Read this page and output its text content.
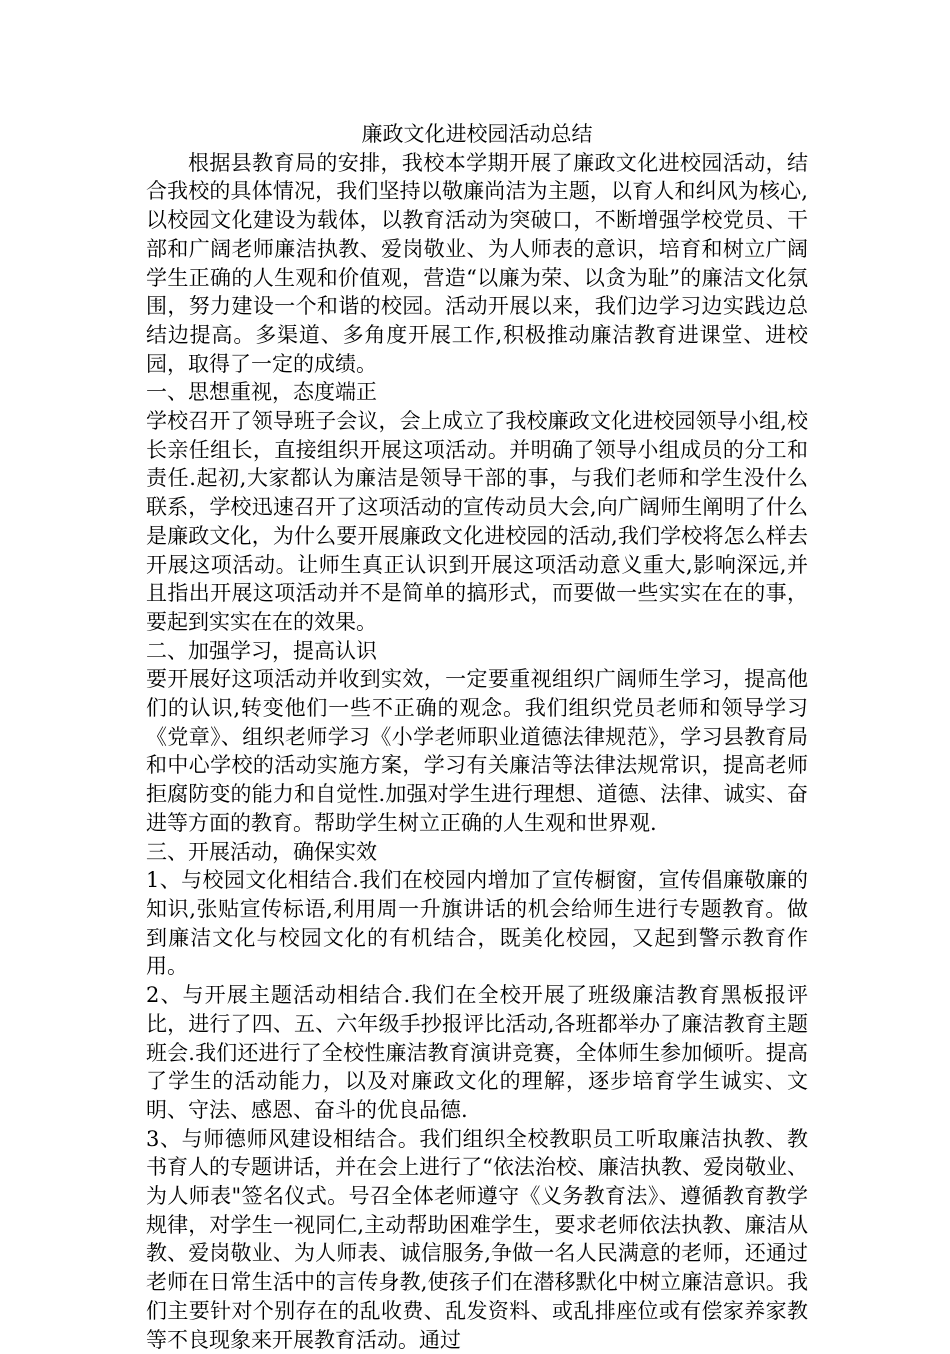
廉政文化进校园活动总结

根据县教育局的安排，我校本学期开展了廉政文化进校园活动，结合我校的具体情况，我们坚持以敬廉尚洁为主题，以育人和纠风为核心,以校园文化建设为载体，以教育活动为突破口，不断增强学校党员、干部和广阔老师廉洁执教、爱岗敬业、为人师表的意识，培育和树立广阔学生正确的人生观和价值观，营造“以廉为荣、以贪为耻”的廉洁文化氛围，努力建设一个和谐的校园。活动开展以来，我们边学习边实践边总结边提高。多渠道、多角度开展工作,积极推动廉洁教育进课堂、进校园，取得了一定的成绩。

一、思想重视，态度端正

学校召开了领导班子会议，会上成立了我校廉政文化进校园领导小组,校长亲任组长，直接组织开展这项活动。并明确了领导小组成员的分工和责任.起初,大家都认为廉洁是领导干部的事，与我们老师和学生没什么联系，学校迅速召开了这项活动的宣传动员大会,向广阔师生阐明了什么是廉政文化，为什么要开展廉政文化进校园的活动,我们学校将怎么样去开展这项活动。让师生真正认识到开展这项活动意义重大,影响深远,并且指出开展这项活动并不是简单的搞形式，而要做一些实实在在的事，要起到实实在在的效果。

二、加强学习，提高认识

要开展好这项活动并收到实效，一定要重视组织广阔师生学习，提高他们的认识,转变他们一些不正确的观念。我们组织党员老师和领导学习《党章》、组织老师学习《小学老师职业道德法律规范》，学习县教育局和中心学校的活动实施方案，学习有关廉洁等法律法规常识，提高老师拒腐防变的能力和自觉性.加强对学生进行理想、道德、法律、诚实、奋进等方面的教育。帮助学生树立正确的人生观和世界观.

三、开展活动，确保实效

1、与校园文化相结合.我们在校园内增加了宣传橱窗，宣传倡廉敬廉的知识,张贴宣传标语,利用周一升旗讲话的机会给师生进行专题教育。做到廉洁文化与校园文化的有机结合，既美化校园，又起到警示教育作用。

2、与开展主题活动相结合.我们在全校开展了班级廉洁教育黑板报评比，进行了四、五、六年级手抄报评比活动,各班都举办了廉洁教育主题班会.我们还进行了全校性廉洁教育演讲竞赛，全体师生参加倾听。提高了学生的活动能力，以及对廉政文化的理解，逐步培育学生诚实、文明、守法、感恩、奋斗的优良品德.

3、与师德师风建设相结合。我们组织全校教职员工听取廉洁执教、教书育人的专题讲话，并在会上进行了“依法治校、廉洁执教、爱岗敬业、为人师表"签名仪式。号召全体老师遵守《义务教育法》、遵循教育教学规律，对学生一视同仁,主动帮助困难学生，要求老师依法执教、廉洁从教、爱岗敬业、为人师表、诚信服务,争做一名人民满意的老师，还通过老师在日常生活中的言传身教,使孩子们在潜移默化中树立廉洁意识。我们主要针对个别存在的乱收费、乱发资料、或乱排座位或有偿家养家教等不良现象来开展教育活动。通过
